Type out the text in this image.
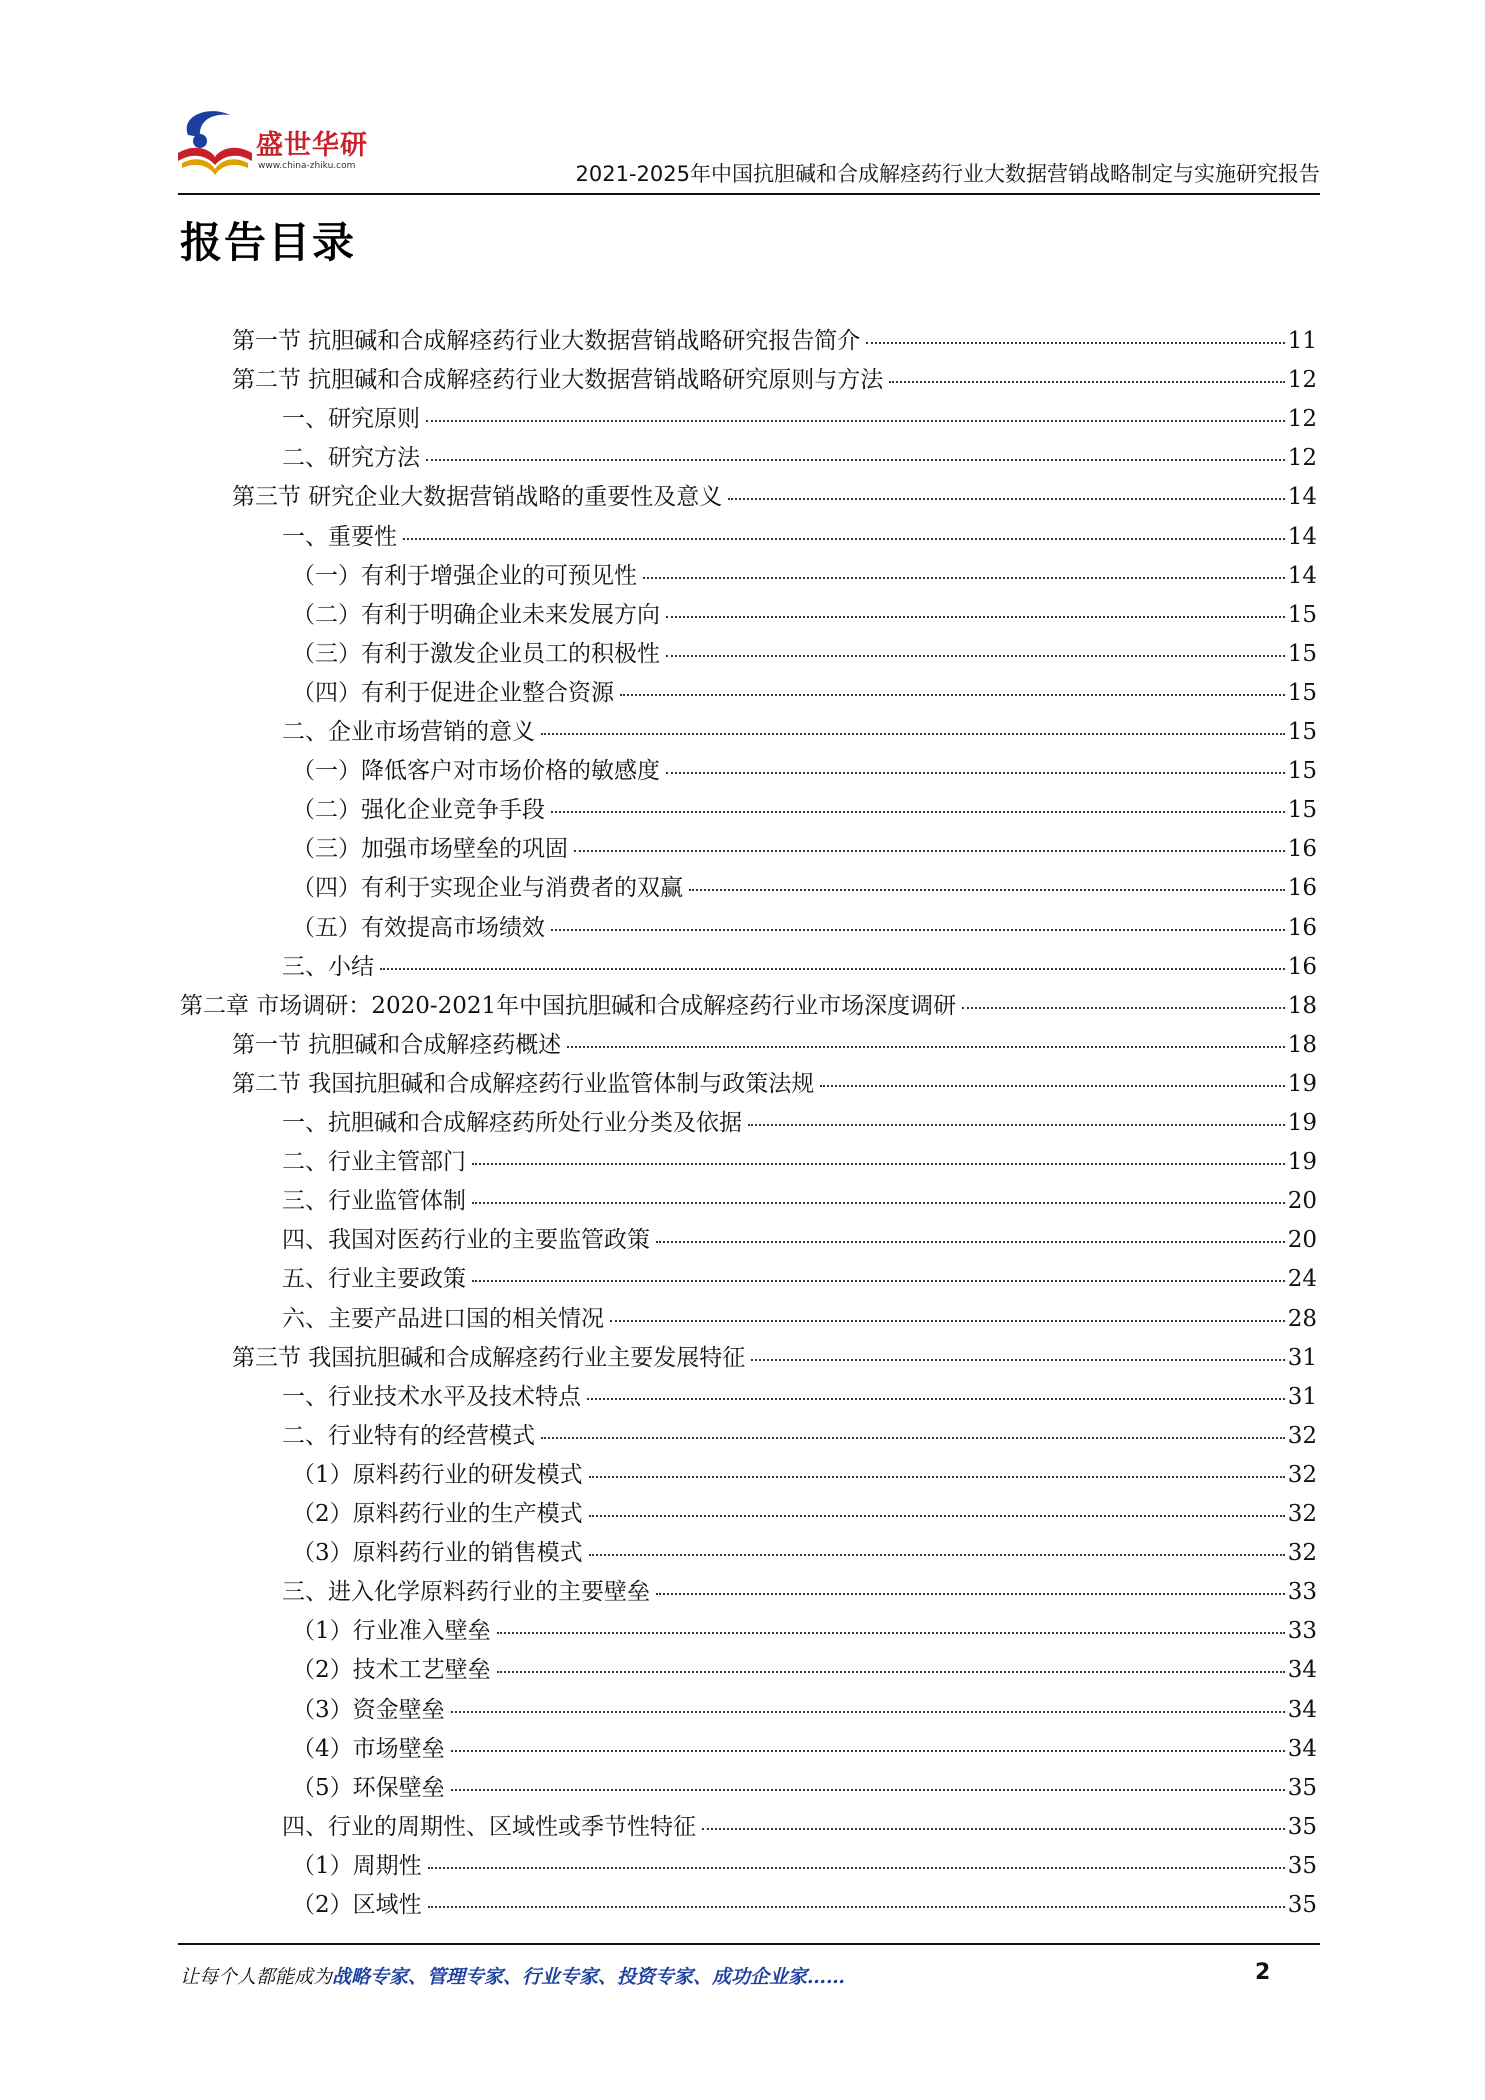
盛世华研
www.china-zhiku.com	2021-2025年中国抗胆碱和合成解痉药行业大数据营销战略制定与实施研究报告
报告目录
第一节 抗胆碱和合成解痉药行业大数据营销战略研究报告简介	11
第二节 抗胆碱和合成解痉药行业大数据营销战略研究原则与方法	12
一、研究原则	12
二、研究方法	12
第三节 研究企业大数据营销战略的重要性及意义	14
一、重要性	14
（一）有利于增强企业的可预见性	14
（二）有利于明确企业未来发展方向	15
（三）有利于激发企业员工的积极性	15
（四）有利于促进企业整合资源	15
二、企业市场营销的意义	15
（一）降低客户对市场价格的敏感度	15
（二）强化企业竞争手段	15
（三）加强市场壁垒的巩固	16
（四）有利于实现企业与消费者的双赢	16
（五）有效提高市场绩效	16
三、小结	16
第二章 市场调研：2020-2021年中国抗胆碱和合成解痉药行业市场深度调研	18
第一节 抗胆碱和合成解痉药概述	18
第二节 我国抗胆碱和合成解痉药行业监管体制与政策法规	19
一、抗胆碱和合成解痉药所处行业分类及依据	19
二、行业主管部门	19
三、行业监管体制	20
四、我国对医药行业的主要监管政策	20
五、行业主要政策	24
六、主要产品进口国的相关情况	28
第三节 我国抗胆碱和合成解痉药行业主要发展特征	31
一、行业技术水平及技术特点	31
二、行业特有的经营模式	32
（1）原料药行业的研发模式	32
（2）原料药行业的生产模式	32
（3）原料药行业的销售模式	32
三、进入化学原料药行业的主要壁垒	33
（1）行业准入壁垒	33
（2）技术工艺壁垒	34
（3）资金壁垒	34
（4）市场壁垒	34
（5）环保壁垒	35
四、行业的周期性、区域性或季节性特征	35
（1）周期性	35
（2）区域性	35
让每个人都能成为战略专家、管理专家、行业专家、投资专家、成功企业家……	2
